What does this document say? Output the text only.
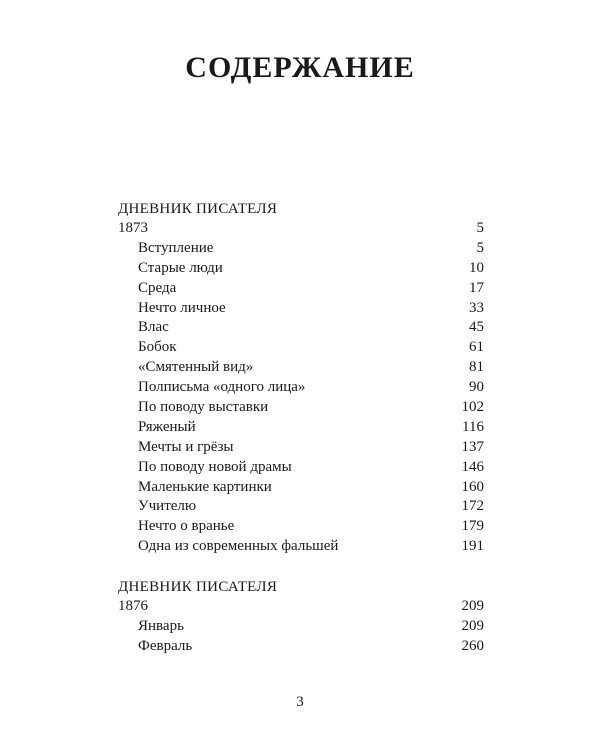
СОДЕРЖАНИЕ
ДНЕВНИК ПИСАТЕЛЯ
1873	5
Вступление	5
Старые люди	10
Среда	17
Нечто личное	33
Влас	45
Бобок	61
«Смятенный вид»	81
Полписьма «одного лица»	90
По поводу выставки	102
Ряженый	116
Мечты и грёзы	137
По поводу новой драмы	146
Маленькие картинки	160
Учителю	172
Нечто о вранье	179
Одна из современных фальшей	191
ДНЕВНИК ПИСАТЕЛЯ
1876	209
Январь	209
Февраль	260
3
